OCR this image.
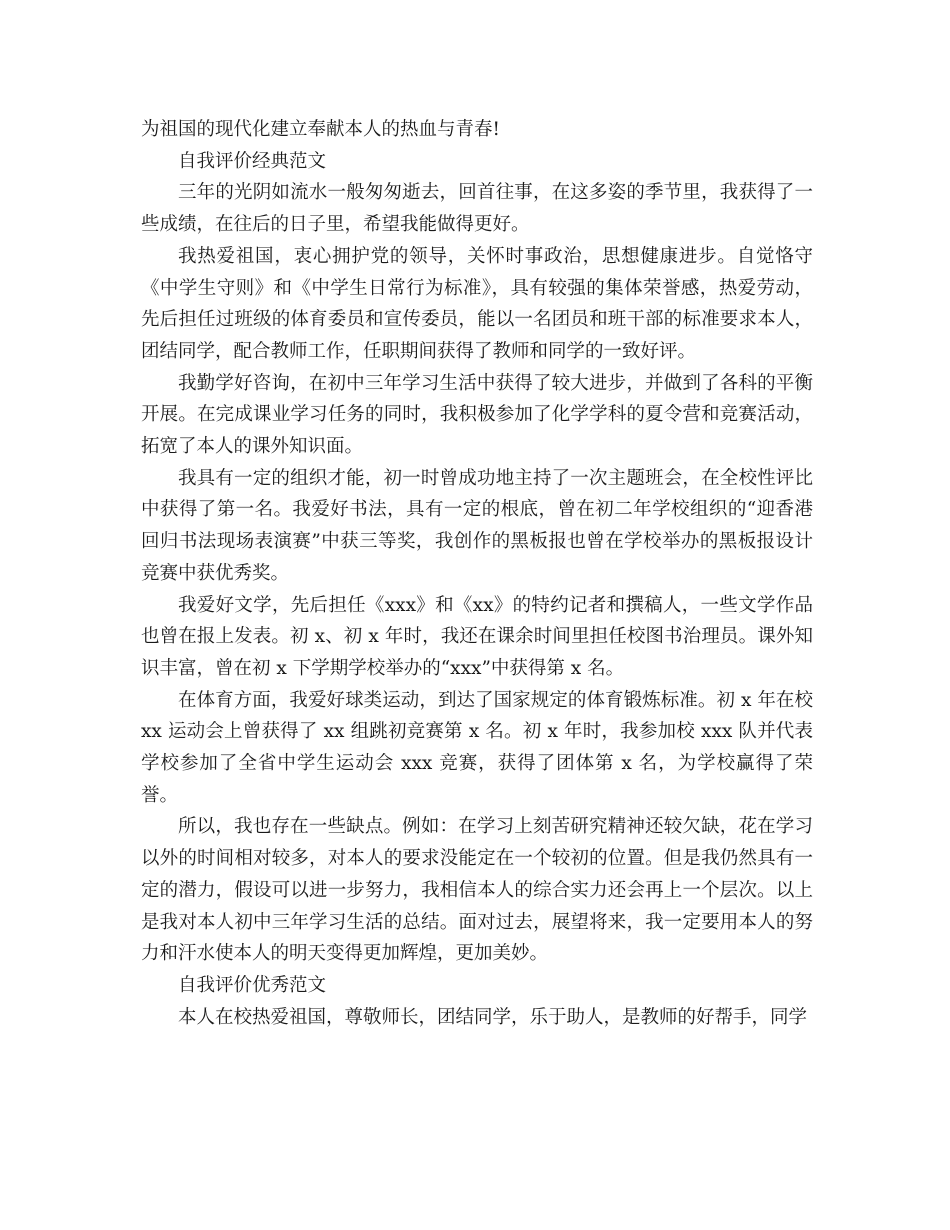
为祖国的现代化建立奉献本人的热血与青春!

自我评价经典范文

三年的光阴如流水一般匆匆逝去，回首往事，在这多姿的季节里，我获得了一些成绩，在往后的日子里，希望我能做得更好。

我热爱祖国，衷心拥护党的领导，关怀时事政治，思想健康进步。自觉恪守《中学生守则》和《中学生日常行为标准》，具有较强的集体荣誉感，热爱劳动，先后担任过班级的体育委员和宣传委员，能以一名团员和班干部的标准要求本人，团结同学，配合教师工作，任职期间获得了教师和同学的一致好评。

我勤学好咨询，在初中三年学习生活中获得了较大进步，并做到了各科的平衡开展。在完成课业学习任务的同时，我积极参加了化学学科的夏令营和竞赛活动，拓宽了本人的课外知识面。

我具有一定的组织才能，初一时曾成功地主持了一次主题班会，在全校性评比中获得了第一名。我爱好书法，具有一定的根底，曾在初二年学校组织的“迎香港回归书法现场表演赛”中获三等奖，我创作的黑板报也曾在学校举办的黑板报设计竞赛中获优秀奖。

我爱好文学，先后担任《xxx》和《xx》的特约记者和撰稿人，一些文学作品也曾在报上发表。初 x、初 x 年时，我还在课余时间里担任校图书治理员。课外知识丰富，曾在初 x 下学期学校举办的“xxx”中获得第 x 名。

在体育方面，我爱好球类运动，到达了国家规定的体育锻炼标准。初 x 年在校 xx 运动会上曾获得了 xx 组跳初竞赛第 x 名。初 x 年时，我参加校 xxx 队并代表学校参加了全省中学生运动会 xxx 竞赛，获得了团体第 x 名，为学校赢得了荣誉。

所以，我也存在一些缺点。例如：在学习上刻苦研究精神还较欠缺，花在学习以外的时间相对较多，对本人的要求没能定在一个较初的位置。但是我仍然具有一定的潜力，假设可以进一步努力，我相信本人的综合实力还会再上一个层次。以上是我对本人初中三年学习生活的总结。面对过去，展望将来，我一定要用本人的努力和汗水使本人的明天变得更加辉煌，更加美妙。

自我评价优秀范文

本人在校热爱祖国，尊敬师长，团结同学，乐于助人，是教师的好帮手，同学
